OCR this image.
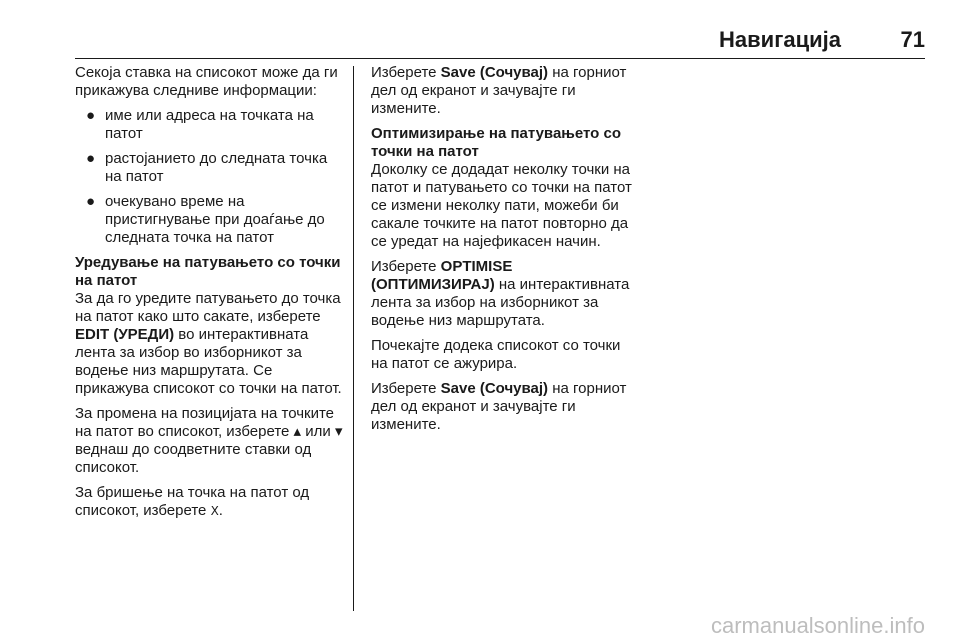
Навигација	71

Секоја ставка на списокот може да ги прикажува следниве информации:

● име или адреса на точката на патот
● растојанието до следната точка на патот
● очекувано време на пристигнување при доаѓање до следната точка на патот

Уредување на патувањето со точки на патот

За да го уредите патувањето до точка на патот како што сакате, изберете EDIT (УРЕДИ) во интерактивната лента за избор во изборникот за водење низ маршрутата. Се прикажува списокот со точки на патот.

За промена на позицијата на точките на патот во списокот, изберете ▴ или ▾ веднаш до соодветните ставки од списокот.

За бришење на точка на патот од списокот, изберете X.

Изберете Save (Сочувај) на горниот дел од екранот и зачувајте ги измените.

Оптимизирање на патувањето со точки на патот

Доколку се додадат неколку точки на патот и патувањето со точки на патот се измени неколку пати, можеби би сакале точките на патот повторно да се уредат на најефикасен начин.

Изберете OPTIMISE (ОПТИМИЗИРАЈ) на интерактивната лента за избор на изборникот за водење низ маршрутата.

Почекајте додека списокот со точки на патот се ажурира.

Изберете Save (Сочувај) на горниот дел од екранот и зачувајте ги измените.

carmanualsonline.info
